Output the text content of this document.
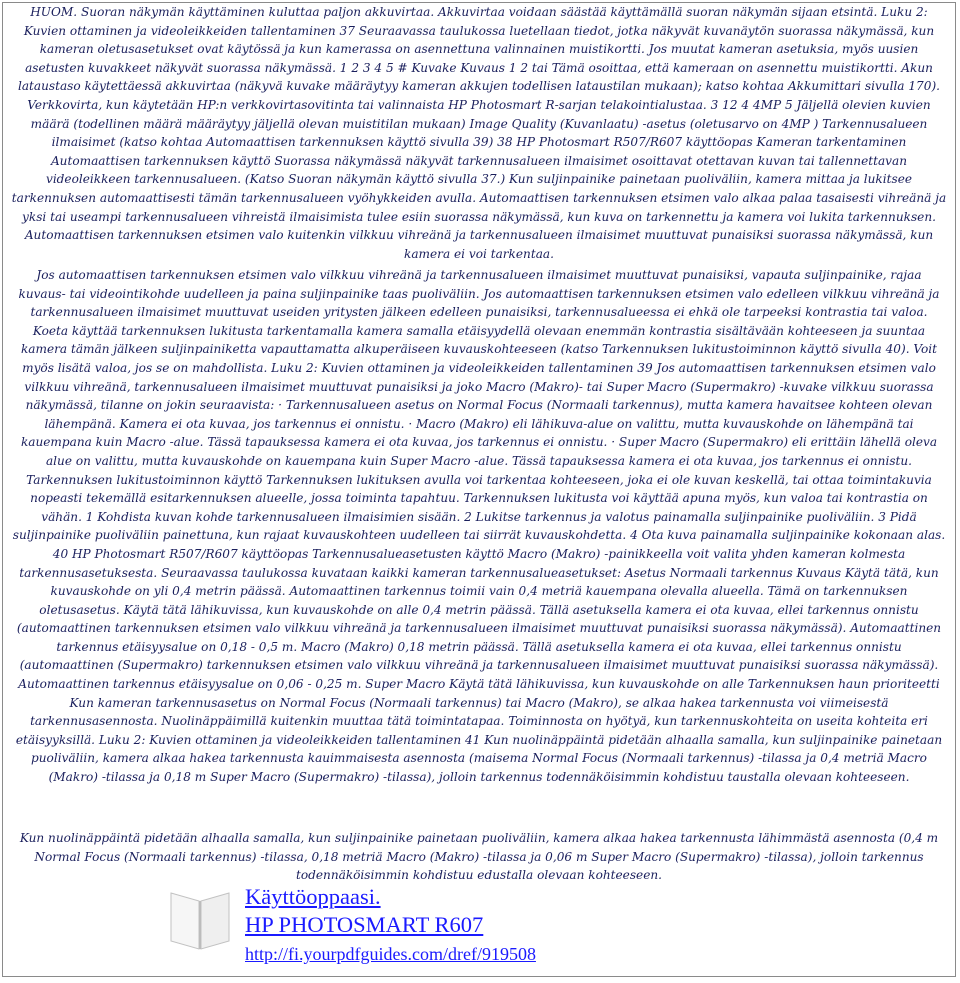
HUOM. Suoran näkymän käyttäminen kuluttaa paljon akkuvirtaa. Akkuvirtaa voidaan säästää käyttämällä suoran näkymän sijaan etsintä. Luku 2: Kuvien ottaminen ja videoleikkeiden tallentaminen 37 Seuraavassa taulukossa luetellaan tiedot, jotka näkyvät kuvanäytön suorassa näkymässä, kun kameran oletusasetukset ovat käytössä ja kun kamerassa on asennettuna valinnainen muistikortti. Jos muutat kameran asetuksia, myös uusien asetusten kuvakkeet näkyvät suorassa näkymässä. 1 2 3 4 5 # Kuvake Kuvaus 1 2 tai Tämä osoittaa, että kameraan on asennettu muistikortti. Akun lataustaso käytettäessä akkuvirtaa (näkyvä kuvake määräytyy kameran akkujen todellisen lataustilan mukaan); katso kohtaa Akkumittari sivulla 170). Verkkovirta, kun käytetään HP:n verkkovirtasovitinta tai valinnaista HP Photosmart R-sarjan telakointialustaa. 3 12 4 4MP 5 Jäljellä olevien kuvien määrä (todellinen määrä määräytyy jäljellä olevan muistitilan mukaan) Image Quality (Kuvanlaatu) -asetus (oletusarvo on 4MP ) Tarkennusalueen ilmaisimet (katso kohtaa Automaattisen tarkennuksen käyttö sivulla 39) 38 HP Photosmart R507/R607 käyttöopas Kameran tarkentaminen Automaattisen tarkennuksen käyttö Suorassa näkymässä näkyvät tarkennusalueen ilmaisimet osoittavat otettavan kuvan tai tallennettavan videoleikkeen tarkennusalueen. (Katso Suoran näkymän käyttö sivulla 37.) Kun suljinpainike painetaan puoliväliin, kamera mittaa ja lukitsee tarkennuksen automaattisesti tämän tarkennusalueen vyöhykkeiden avulla. Automaattisen tarkennuksen etsimen valo alkaa palaa tasaisesti vihreänä ja yksi tai useampi tarkennusalueen vihreistä ilmaisimista tulee esiin suorassa näkymässä, kun kuva on tarkennettu ja kamera voi lukita tarkennuksen. Automaattisen tarkennuksen etsimen valo kuitenkin vilkkuu vihreänä ja tarkennusalueen ilmaisimet muuttuvat punaisiksi suorassa näkymässä, kun kamera ei voi tarkentaa.

Jos automaattisen tarkennuksen etsimen valo vilkkuu vihreänä ja tarkennusalueen ilmaisimet muuttuvat punaisiksi, vapauta suljinpainike, rajaa kuvaus- tai videointikohde uudelleen ja paina suljinpainike taas puoliväliin. Jos automaattisen tarkennuksen etsimen valo edelleen vilkkuu vihreänä ja tarkennusalueen ilmaisimet muuttuvat useiden yritysten jälkeen edelleen punaisiksi, tarkennusalueessa ei ehkä ole tarpeeksi kontrastia tai valoa. Koeta käyttää tarkennuksen lukitusta tarkentamalla kamera samalla etäisyydellä olevaan enemmän kontrastia sisältävään kohteeseen ja suuntaa kamera tämän jälkeen suljinpainiketta vapauttamatta alkuperäiseen kuvauskohteeseen (katso Tarkennuksen lukitustoiminnon käyttö sivulla 40). Voit myös lisätä valoa, jos se on mahdollista. Luku 2: Kuvien ottaminen ja videoleikkeiden tallentaminen 39 Jos automaattisen tarkennuksen etsimen valo vilkkuu vihreänä, tarkennusalueen ilmaisimet muuttuvat punaisiksi ja joko Macro (Makro)- tai Super Macro (Supermakro) -kuvake vilkkuu suorassa näkymässä, tilanne on jokin seuraavista: · Tarkennusalueen asetus on Normal Focus (Normaali tarkennus), mutta kamera havaitsee kohteen olevan lähempänä. Kamera ei ota kuvaa, jos tarkennus ei onnistu. · Macro (Makro) eli lähikuva-alue on valittu, mutta kuvauskohde on lähempänä tai kauempana kuin Macro -alue. Tässä tapauksessa kamera ei ota kuvaa, jos tarkennus ei onnistu. · Super Macro (Supermakro) eli erittäin lähellä oleva alue on valittu, mutta kuvauskohde on kauempana kuin Super Macro -alue. Tässä tapauksessa kamera ei ota kuvaa, jos tarkennus ei onnistu. Tarkennuksen lukitustoiminnon käyttö Tarkennuksen lukituksen avulla voi tarkentaa kohteeseen, joka ei ole kuvan keskellä, tai ottaa toimintakuvia nopeasti tekemällä esitarkennuksen alueelle, jossa toiminta tapahtuu. Tarkennuksen lukitusta voi käyttää apuna myös, kun valoa tai kontrastia on vähän. 1 Kohdista kuvan kohde tarkennusalueen ilmaisimien sisään. 2 Lukitse tarkennus ja valotus painamalla suljinpainike puoliväliin. 3 Pidä suljinpainike puoliväliin painettuna, kun rajaat kuvauskohteen uudelleen tai siirrät kuvauskohdetta. 4 Ota kuva painamalla suljinpainike kokonaan alas. 40 HP Photosmart R507/R607 käyttöopas Tarkennusalueasetusten käyttö Macro (Makro) -painikkeella voit valita yhden kameran kolmesta tarkennusasetuksesta. Seuraavassa taulukossa kuvataan kaikki kameran tarkennusalueasetukset: Asetus Normaali tarkennus Kuvaus Käytä tätä, kun kuvauskohde on yli 0,4 metrin päässä. Automaattinen tarkennus toimii vain 0,4 metriä kauempana olevalla alueella. Tämä on tarkennuksen oletusasetus. Käytä tätä lähikuvissa, kun kuvauskohde on alle 0,4 metrin päässä. Tällä asetuksella kamera ei ota kuvaa, ellei tarkennus onnistu (automaattinen tarkennuksen etsimen valo vilkkuu vihreänä ja tarkennusalueen ilmaisimet muuttuvat punaisiksi suorassa näkymässä). Automaattinen tarkennus etäisyysalue on 0,18 - 0,5 m. Macro (Makro) 0,18 metrin päässä. Tällä asetuksella kamera ei ota kuvaa, ellei tarkennus onnistu (automaattinen (Supermakro) tarkennuksen etsimen valo vilkkuu vihreänä ja tarkennusalueen ilmaisimet muuttuvat punaisiksi suorassa näkymässä). Automaattinen tarkennus etäisyysalue on 0,06 - 0,25 m. Super Macro Käytä tätä lähikuvissa, kun kuvauskohde on alle Tarkennuksen haun prioriteetti Kun kameran tarkennusasetus on Normal Focus (Normaali tarkennus) tai Macro (Makro), se alkaa hakea tarkennusta voi viimeisestä tarkennusasennosta. Nuolinäppäimillä kuitenkin muuttaa tätä toimintatapaa. Toiminnosta on hyötyä, kun tarkennuskohteita on useita kohteita eri etäisyyksillä. Luku 2: Kuvien ottaminen ja videoleikkeiden tallentaminen 41 Kun nuolinäppäintä pidetään alhaalla samalla, kun suljinpainike painetaan puoliväliin, kamera alkaa hakea tarkennusta kauimmaisesta asennosta (maisema Normal Focus (Normaali tarkennus) -tilassa ja 0,4 metriä Macro (Makro) -tilassa ja 0,18 m Super Macro (Supermakro) -tilassa), jolloin tarkennus todennäköisimmin kohdistuu taustalla olevaan kohteeseen.

Kun nuolinäppäintä pidetään alhaalla samalla, kun suljinpainike painetaan puoliväliin, kamera alkaa hakea tarkennusta lähimmästä asennosta (0,4 m Normal Focus (Normaali tarkennus) -tilassa, 0,18 metriä Macro (Makro) -tilassa ja 0,06 m Super Macro (Supermakro) -tilassa), jolloin tarkennus todennäköisimmin kohdistuu edustalla olevaan kohteeseen.

Käyttöoppaasi.
HP PHOTOSMART R607
http://fi.yourpdfguides.com/dref/919508
